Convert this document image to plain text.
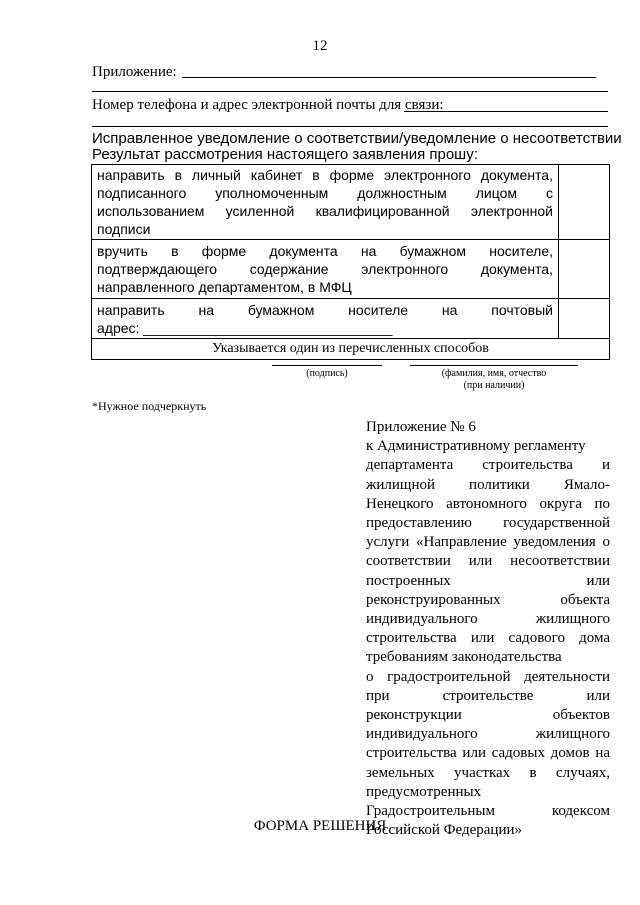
12
Приложение:
Номер телефона и адрес электронной почты для связи:
Исправленное уведомление о соответствии/уведомление о несоответствии
Результат рассмотрения настоящего заявления прошу:
направить в личный кабинет в форме электронного документа, подписанного уполномоченным должностным лицом с использованием усиленной квалифицированной электронной подписи	
вручить в форме документа на бумажном носителе, подтверждающего содержание электронного документа, направленного департаментом, в МФЦ	

направить на бумажном носителе на почтовый
адрес: ________________________________	

Указывается один из перечисленных способов	
(подпись)	(фамилия, имя, отчество
(при наличии)
*Нужное подчеркнуть
Приложение № 6
к Административному регламенту
департамента строительства и
жилищной политики Ямало-
Ненецкого автономного округа по
предоставлению государственной
услуги «Направление уведомления о
соответствии или несоответствии
построенных или
реконструированных объекта
индивидуального жилищного
строительства или садового дома
требованиям законодательства
о градостроительной деятельности
при строительстве или
реконструкции объектов
индивидуального жилищного
строительства или садовых домов на
земельных участках в случаях,
предусмотренных
Градостроительным кодексом
Российской Федерации»
ФОРМА РЕШЕНИЯ
